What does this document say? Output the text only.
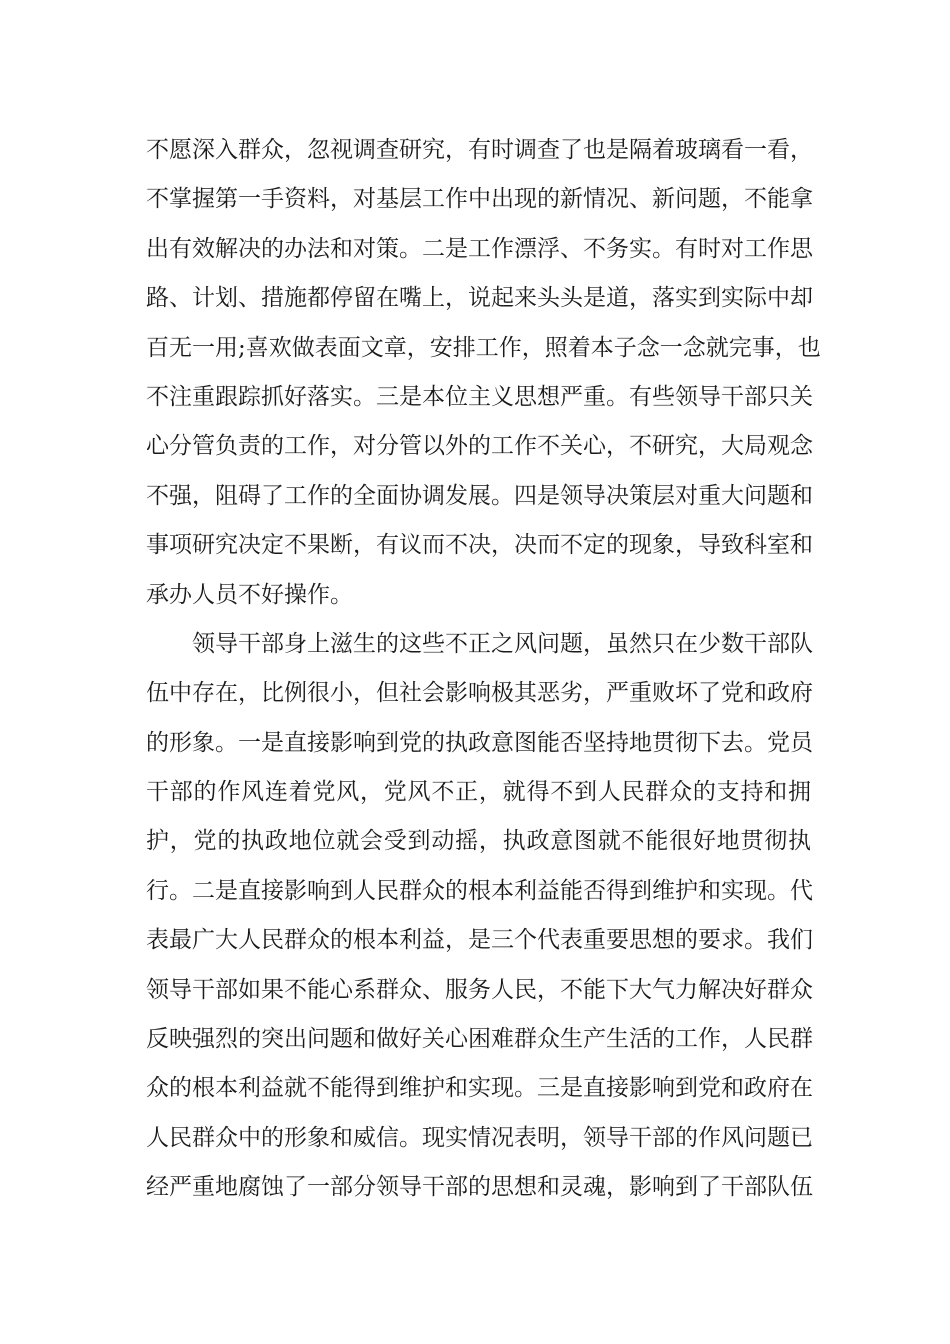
不愿深入群众，忽视调查研究，有时调查了也是隔着玻璃看一看，
不掌握第一手资料，对基层工作中出现的新情况、新问题，不能拿
出有效解决的办法和对策。二是工作漂浮、不务实。有时对工作思
路、计划、措施都停留在嘴上，说起来头头是道，落实到实际中却
百无一用;喜欢做表面文章，安排工作，照着本子念一念就完事，也
不注重跟踪抓好落实。三是本位主义思想严重。有些领导干部只关
心分管负责的工作，对分管以外的工作不关心，不研究，大局观念
不强，阻碍了工作的全面协调发展。四是领导决策层对重大问题和
事项研究决定不果断，有议而不决，决而不定的现象，导致科室和
承办人员不好操作。
领导干部身上滋生的这些不正之风问题，虽然只在少数干部队
伍中存在，比例很小，但社会影响极其恶劣，严重败坏了党和政府
的形象。一是直接影响到党的执政意图能否坚持地贯彻下去。党员
干部的作风连着党风，党风不正，就得不到人民群众的支持和拥
护，党的执政地位就会受到动摇，执政意图就不能很好地贯彻执
行。二是直接影响到人民群众的根本利益能否得到维护和实现。代
表最广大人民群众的根本利益，是三个代表重要思想的要求。我们
领导干部如果不能心系群众、服务人民，不能下大气力解决好群众
反映强烈的突出问题和做好关心困难群众生产生活的工作，人民群
众的根本利益就不能得到维护和实现。三是直接影响到党和政府在
人民群众中的形象和威信。现实情况表明，领导干部的作风问题已
经严重地腐蚀了一部分领导干部的思想和灵魂，影响到了干部队伍
